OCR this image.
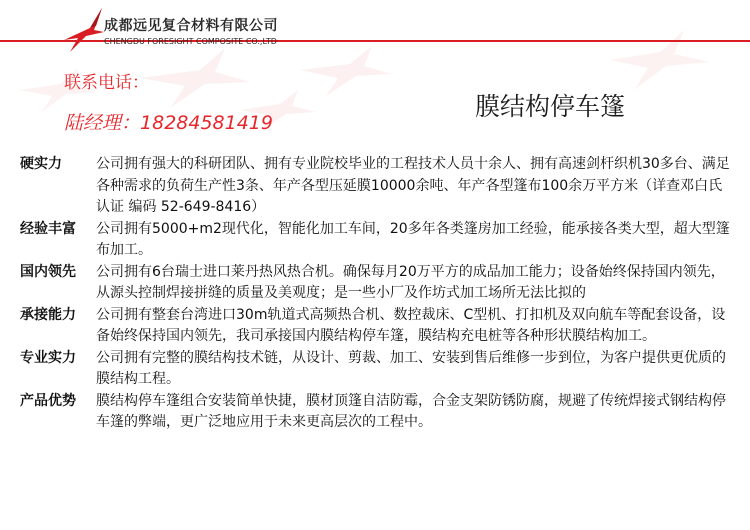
成都远见复合材料有限公司
CHENGDU FORESIGHT COMPOSITE CO.,LTD
联系电话：
陆经理：18284581419
膜结构停车篷
硬实力	公司拥有强大的科研团队、拥有专业院校毕业的工程技术人员十余人、拥有高速剑杆织机30多台、满足各种需求的负荷生产性3条、年产各型压延膜10000余吨、年产各型篷布100余万平方米（详查邓白氏认证 编码 52-649-8416）
经验丰富	公司拥有5000+m2现代化，智能化加工车间，20多年各类篷房加工经验，能承接各类大型，超大型篷布加工。
国内领先	公司拥有6台瑞士进口莱丹热风热合机。确保每月20万平方的成品加工能力；设备始终保持国内领先，从源头控制焊接拼缝的质量及美观度；是一些小厂及作坊式加工场所无法比拟的
承接能力	公司拥有整套台湾进口30m轨道式高频热合机、数控裁床、C型机、打扣机及双向航车等配套设备，设备始终保持国内领先，我司承接国内膜结构停车篷，膜结构充电桩等各种形状膜结构加工。
专业实力	公司拥有完整的膜结构技术链，从设计、剪裁、加工、安装到售后维修一步到位，为客户提供更优质的膜结构工程。
产品优势	膜结构停车篷组合安装简单快捷，膜材顶篷自洁防霉，合金支架防锈防腐，规避了传统焊接式钢结构停车篷的弊端，更广泛地应用于未来更高层次的工程中。
